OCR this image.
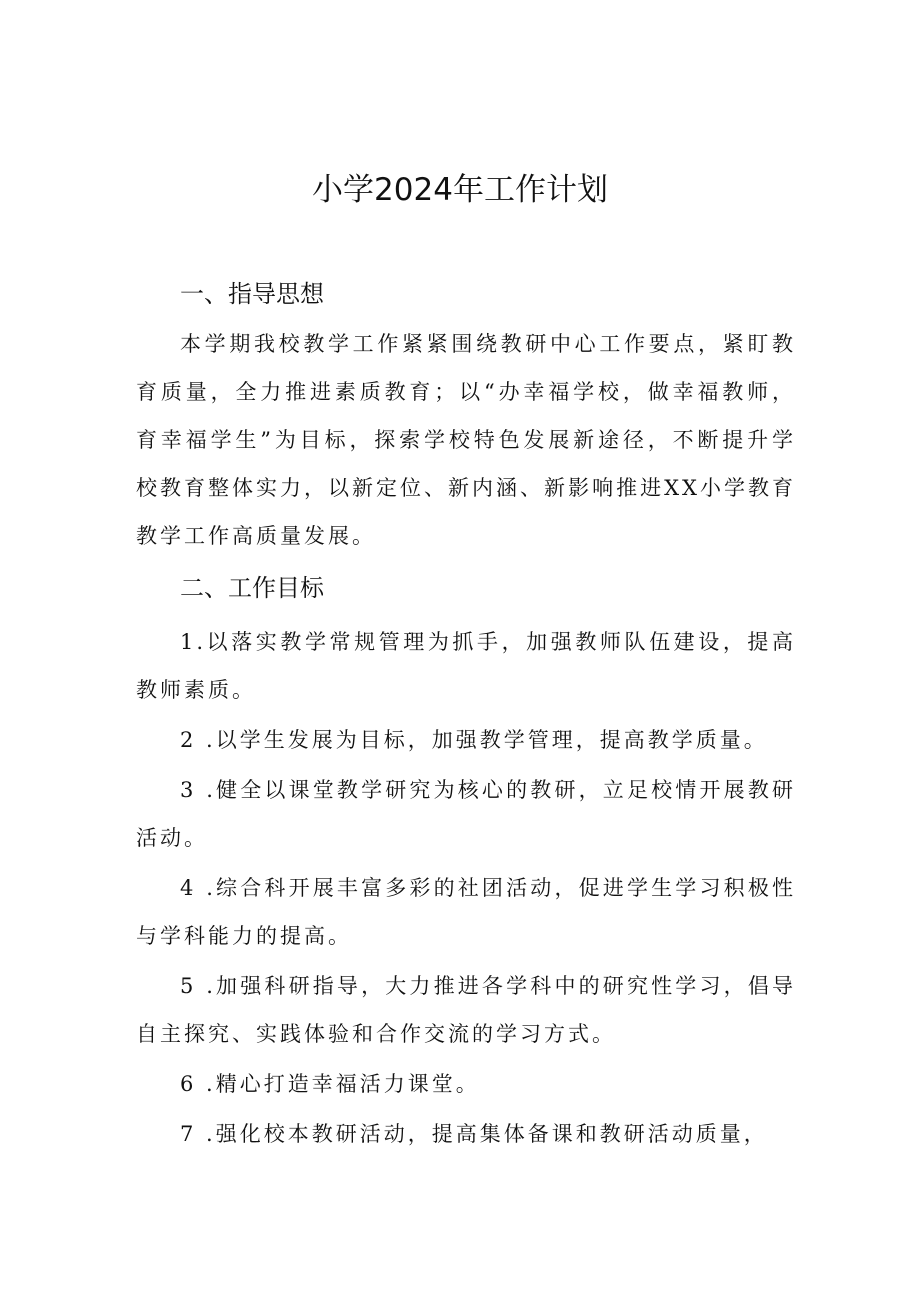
小学2024年工作计划
一、指导思想

本学期我校教学工作紧紧围绕教研中心工作要点，紧盯教育质量，全力推进素质教育；以“办幸福学校，做幸福教师，育幸福学生”为目标，探索学校特色发展新途径，不断提升学校教育整体实力，以新定位、新内涵、新影响推进XX小学教育教学工作高质量发展。

二、工作目标

1.以落实教学常规管理为抓手，加强教师队伍建设，提高教师素质。

2 .以学生发展为目标，加强教学管理，提高教学质量。

3 .健全以课堂教学研究为核心的教研，立足校情开展教研活动。

4 .综合科开展丰富多彩的社团活动，促进学生学习积极性与学科能力的提高。

5 .加强科研指导，大力推进各学科中的研究性学习，倡导自主探究、实践体验和合作交流的学习方式。

6 .精心打造幸福活力课堂。

7 .强化校本教研活动，提高集体备课和教研活动质量，
